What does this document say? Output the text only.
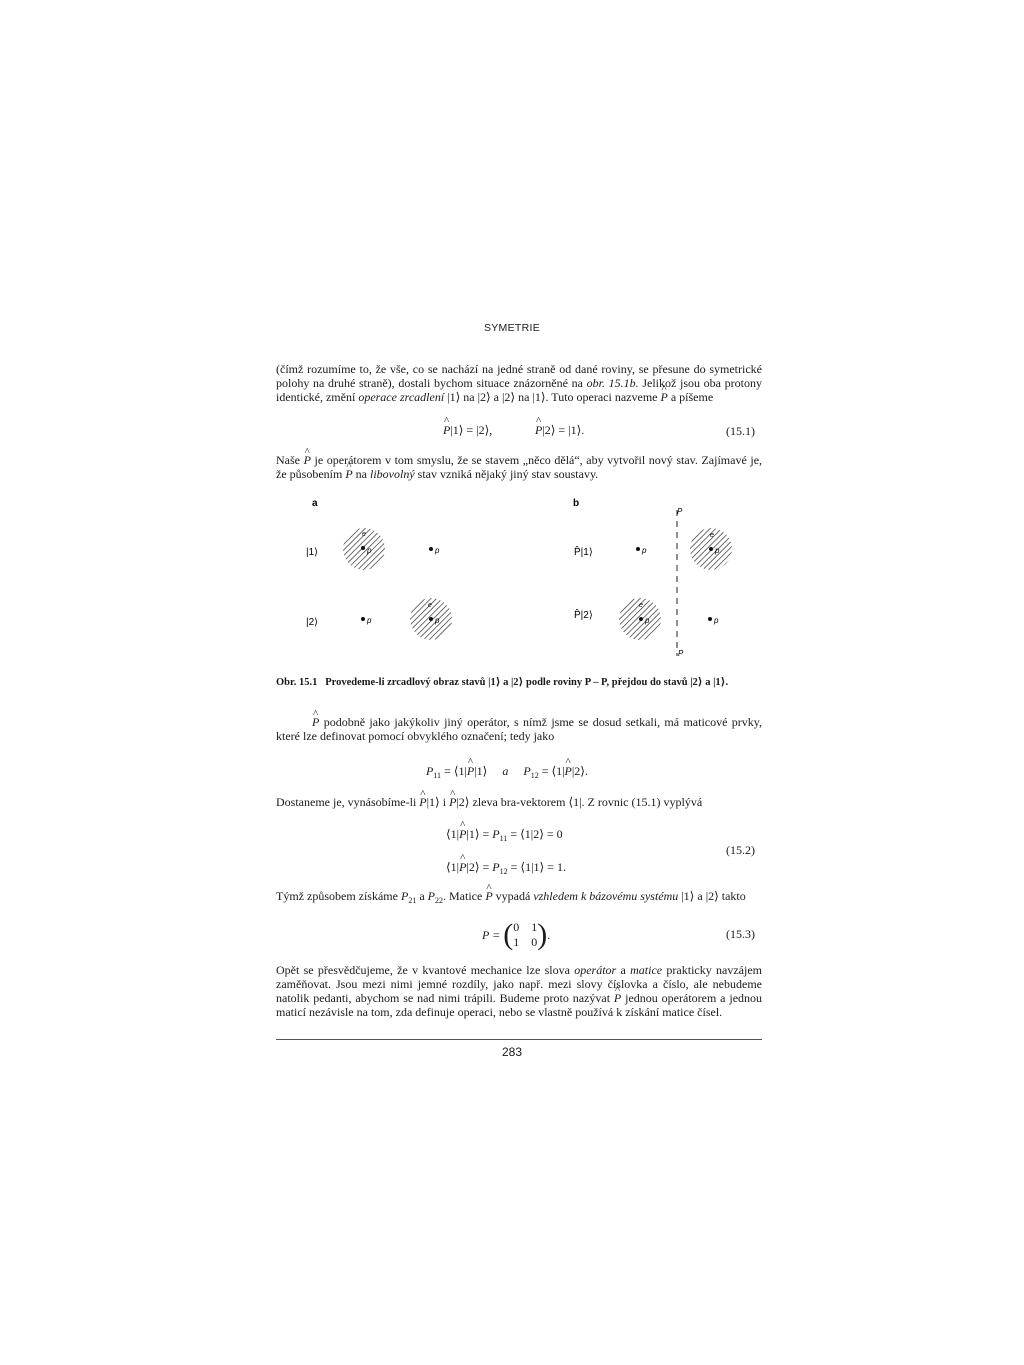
SYMETRIE
(čímž rozumíme to, že vše, co se nachází na jedné straně od dané roviny, se přesune do symetrické polohy na druhé straně), dostali bychom situace znázorněné na obr. 15.1b. Jelikož jsou oba protony identické, změní operace zrcadlení |1⟩ na |2⟩ a |2⟩ na |1⟩. Tuto operaci nazveme ^ P a píšeme
^ P|1⟩ = |2⟩,	^ P|2⟩ = |1⟩.	(15.1)
Naše ^ P je operátorem v tom smyslu, že se stavem „něco dělá“, aby vytvořil nový stav. Zajímavé je, že působením ^ P na libovolný stav vzniká nějaký jiný stav soustavy.
a
|1⟩	p
e
p
|2⟩	p	p
e
b
P̂|1⟩	p	p
e
P̂|2⟩	p
e
p
P
P
Obr. 15.1 Provedeme-li zrcadlový obraz stavů |1⟩ a |2⟩ podle roviny P – P, přejdou do stavů |2⟩ a |1⟩.
^ P podobně jako jakýkoliv jiný operátor, s nímž jsme se dosud setkali, má maticové prvky, které lze definovat pomocí obvyklého označení; tedy jako
$P_{11}$ = ⟨1|^ P|1⟩ a $P_{12}$ = ⟨1|^ P|2⟩.
Dostaneme je, vynásobíme-li ^ P|1⟩ i ^ P|2⟩ zleva bra-vektorem ⟨1|. Z rovnic (15.1) vyplývá
⟨1|^ P|1⟩ = $P_{11}$ = ⟨1|2⟩ = 0
⟨1|^ P|2⟩ = $P_{12}$ = ⟨1|1⟩ = 1.
(15.2)
Týmž způsobem získáme $P_{21}$ a $P_{22}$. Matice ^ P vypadá vzhledem k bázovému systému |1⟩ a |2⟩ takto
P =
( 0 1
1 0 ) .	(15.3)
Opět se přesvědčujeme, že v kvantové mechanice lze slova operátor a matice prakticky navzájem zaměňovat. Jsou mezi nimi jemné rozdíly, jako např. mezi slovy číslovka a číslo, ale nebudeme natolik pedanti, abychom se nad nimi trápili. Budeme proto nazývat ^ P jednou operátorem a jednou maticí nezávisle na tom, zda definuje operaci, nebo se vlastně používá k získání matice čísel.
283
